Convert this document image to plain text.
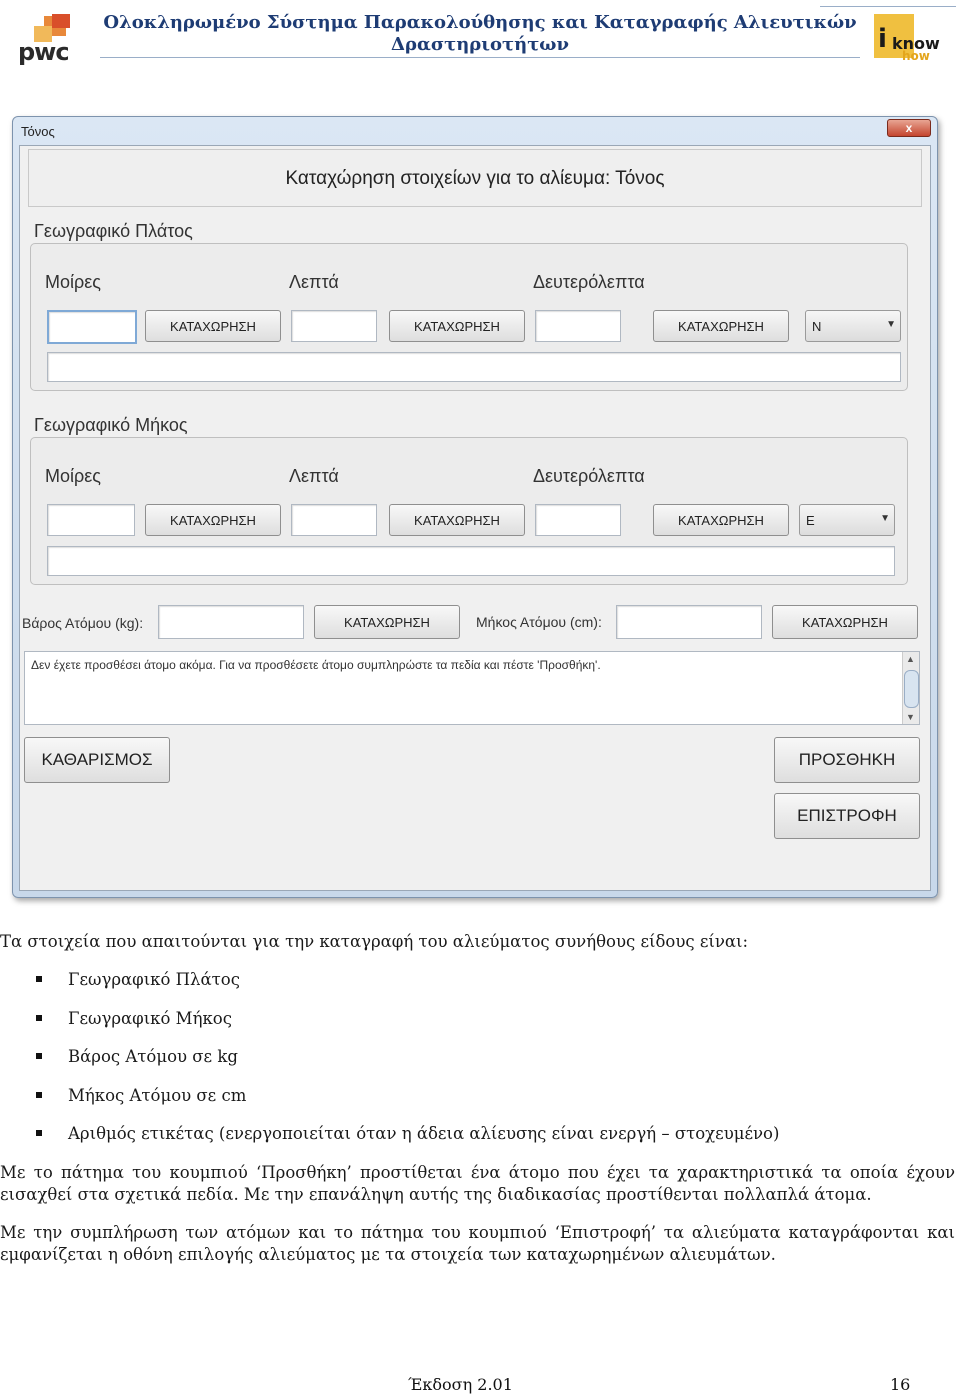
pwc
Ολοκληρωμένο Σύστημα Παρακολούθησης και Καταγραφής Αλιευτικών
Δραστηριοτήτων	i know
how
Τόνος	x
Καταχώρηση στοιχείων για το αλίευμα: Τόνος
Γεωγραφικό Πλάτος
Μοίρες	Λεπτά	Δευτερόλεπτα
ΚΑΤΑΧΩΡΗΣΗ	ΚΑΤΑΧΩΡΗΣΗ	ΚΑΤΑΧΩΡΗΣΗ	N	▼
Γεωγραφικό Μήκος
Μοίρες	Λεπτά	Δευτερόλεπτα
ΚΑΤΑΧΩΡΗΣΗ	ΚΑΤΑΧΩΡΗΣΗ	ΚΑΤΑΧΩΡΗΣΗ	E	▼
Βάρος Ατόμου (kg):	ΚΑΤΑΧΩΡΗΣΗ	Μήκος Ατόμου (cm):	ΚΑΤΑΧΩΡΗΣΗ
Δεν έχετε προσθέσει άτομο ακόμα. Για να προσθέσετε άτομο συμπληρώστε τα πεδία και πέστε 'Προσθήκη'.	▲
▼
ΚΑΘΑΡΙΣΜΟΣ	ΠΡΟΣΘΗΚΗ
ΕΠΙΣΤΡΟΦΗ
Τα στοιχεία που απαιτούνται για την καταγραφή του αλιεύματος συνήθους είδους είναι:
Γεωγραφικό Πλάτος
Γεωγραφικό Μήκος
Βάρος Ατόμου σε kg
Μήκος Ατόμου σε cm
Αριθμός ετικέτας (ενεργοποιείται όταν η άδεια αλίευσης είναι ενεργή – στοχευμένο)
Με το πάτημα του κουμπιού ‘Προσθήκη’ προστίθεται ένα άτομο που έχει τα χαρακτηριστικά τα οποία έχουν εισαχθεί στα σχετικά πεδία. Με την επανάληψη αυτής της διαδικασίας προστίθενται πολλαπλά άτομα.
Με την συμπλήρωση των ατόμων και το πάτημα του κουμπιού ‘Επιστροφή’ τα αλιεύματα καταγράφονται και εμφανίζεται η οθόνη επιλογής αλιεύματος με τα στοιχεία των καταχωρημένων αλιευμάτων.
Έκδοση 2.01	16
